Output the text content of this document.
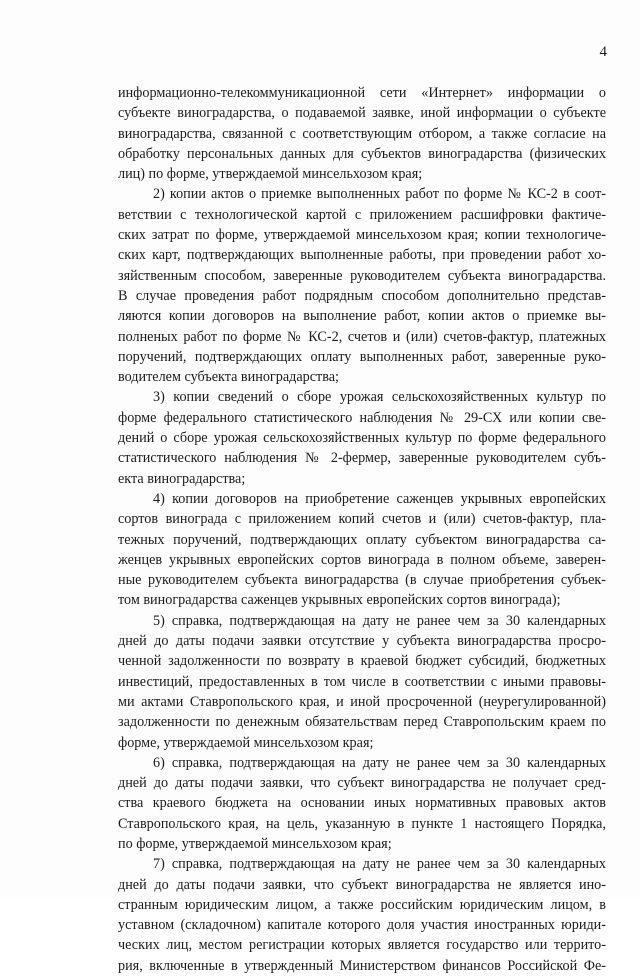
4
информационно-телекоммуникационной сети «Интернет» информации о
субъекте виноградарства, о подаваемой заявке, иной информации о субъекте
виноградарства, связанной с соответствующим отбором, а также согласие на
обработку персональных данных для субъектов виноградарства (физических
лиц) по форме, утверждаемой минсельхозом края;
2) копии актов о приемке выполненных работ по форме № КС-2 в соот-
ветствии с технологической картой с приложением расшифровки фактиче-
ских затрат по форме, утверждаемой минсельхозом края; копии технологиче-
ских карт, подтверждающих выполненные работы, при проведении работ хо-
зяйственным способом, заверенные руководителем субъекта виноградарства.
В случае проведения работ подрядным способом дополнительно представ-
ляются копии договоров на выполнение работ, копии актов о приемке вы-
полненых работ по форме № КС-2, счетов и (или) счетов-фактур, платежных
поручений, подтверждающих оплату выполненных работ, заверенные руко-
водителем субъекта виноградарства;
3) копии сведений о сборе урожая сельскохозяйственных культур по
форме федерального статистического наблюдения № 29-СХ или копии све-
дений о сборе урожая сельскохозяйственных культур по форме федерального
статистического наблюдения № 2-фермер, заверенные руководителем субъ-
екта виноградарства;
4) копии договоров на приобретение саженцев укрывных европейских
сортов винограда с приложением копий счетов и (или) счетов-фактур, пла-
тежных поручений, подтверждающих оплату субъектом виноградарства са-
женцев укрывных европейских сортов винограда в полном объеме, заверен-
ные руководителем субъекта виноградарства (в случае приобретения субъек-
том виноградарства саженцев укрывных европейских сортов винограда);
5) справка, подтверждающая на дату не ранее чем за 30 календарных
дней до даты подачи заявки отсутствие у субъекта виноградарства просро-
ченной задолженности по возврату в краевой бюджет субсидий, бюджетных
инвестиций, предоставленных в том числе в соответствии с иными правовы-
ми актами Ставропольского края, и иной просроченной (неурегулированной)
задолженности по денежным обязательствам перед Ставропольским краем по
форме, утверждаемой минсельхозом края;
6) справка, подтверждающая на дату не ранее чем за 30 календарных
дней до даты подачи заявки, что субъект виноградарства не получает сред-
ства краевого бюджета на основании иных нормативных правовых актов
Ставропольского края, на цель, указанную в пункте 1 настоящего Порядка,
по форме, утверждаемой минсельхозом края;
7) справка, подтверждающая на дату не ранее чем за 30 календарных
дней до даты подачи заявки, что субъект виноградарства не является ино-
странным юридическим лицом, а также российским юридическим лицом, в
уставном (складочном) капитале которого доля участия иностранных юриди-
ческих лиц, местом регистрации которых является государство или террито-
рия, включенные в утвержденный Министерством финансов Российской Фе-
